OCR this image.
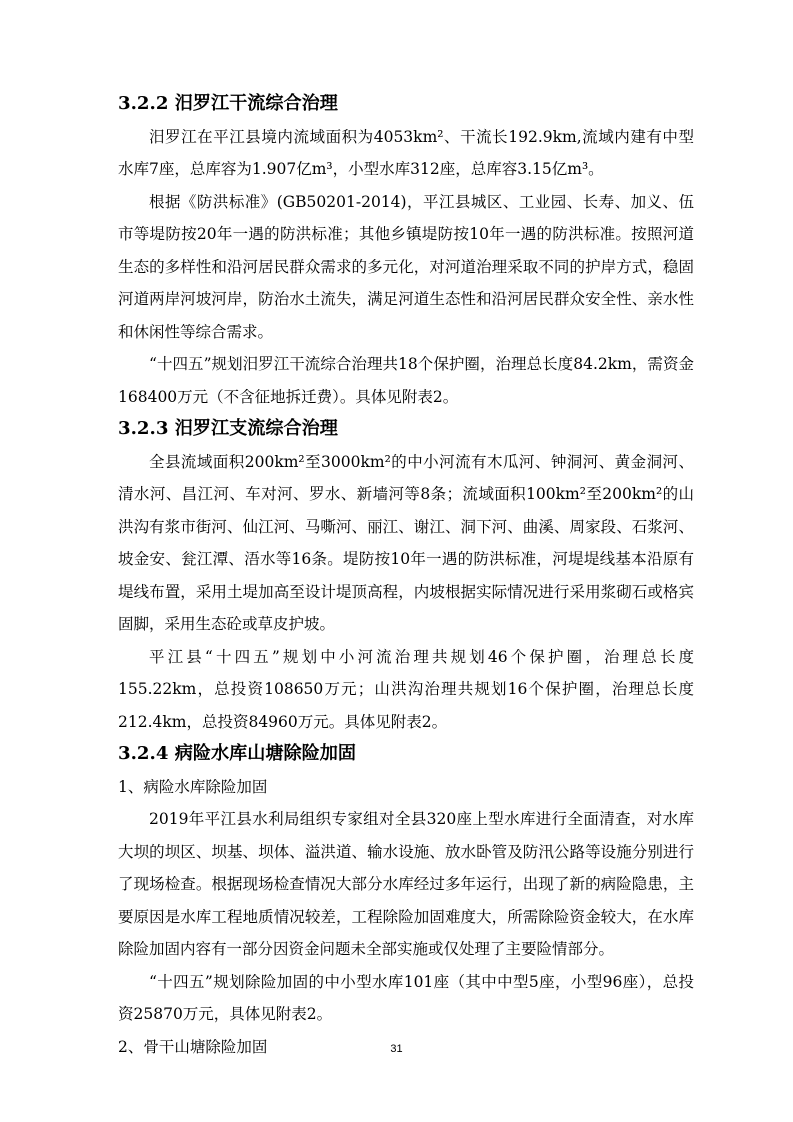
3.2.2 汨罗江干流综合治理

汨罗江在平江县境内流域面积为4053km²、干流长192.9km,流域内建有中型水库7座，总库容为1.907亿m³，小型水库312座，总库容3.15亿m³。

根据《防洪标准》(GB50201-2014)，平江县城区、工业园、长寿、加义、伍市等堤防按20年一遇的防洪标准；其他乡镇堤防按10年一遇的防洪标准。按照河道生态的多样性和沿河居民群众需求的多元化，对河道治理采取不同的护岸方式，稳固河道两岸河坡河岸，防治水土流失，满足河道生态性和沿河居民群众安全性、亲水性和休闲性等综合需求。

“十四五”规划汨罗江干流综合治理共18个保护圈，治理总长度84.2km，需资金168400万元（不含征地拆迁费）。具体见附表2。

3.2.3 汨罗江支流综合治理

全县流域面积200km²至3000km²的中小河流有木瓜河、钟洞河、黄金洞河、清水河、昌江河、车对河、罗水、新墙河等8条；流域面积100km²至200km²的山洪沟有浆市街河、仙江河、马嘶河、丽江、谢江、洞下河、曲溪、周家段、石浆河、坡金安、瓮江潭、浯水等16条。堤防按10年一遇的防洪标准，河堤堤线基本沿原有堤线布置，采用土堤加高至设计堤顶高程，内坡根据实际情况进行采用浆砌石或格宾固脚，采用生态砼或草皮护坡。

平江县“十四五”规划中小河流治理共规划46个保护圈，治理总长度155.22km，总投资108650万元；山洪沟治理共规划16个保护圈，治理总长度212.4km，总投资84960万元。具体见附表2。

3.2.4 病险水库山塘除险加固

1、病险水库除险加固

2019年平江县水利局组织专家组对全县320座上型水库进行全面清查，对水库大坝的坝区、坝基、坝体、溢洪道、输水设施、放水卧管及防汛公路等设施分别进行了现场检查。根据现场检查情况大部分水库经过多年运行，出现了新的病险隐患，主要原因是水库工程地质情况较差，工程除险加固难度大，所需除险资金较大，在水库除险加固内容有一部分因资金问题未全部实施或仅处理了主要险情部分。

“十四五”规划除险加固的中小型水库101座（其中中型5座，小型96座），总投资25870万元，具体见附表2。

2、骨干山塘除险加固	31
